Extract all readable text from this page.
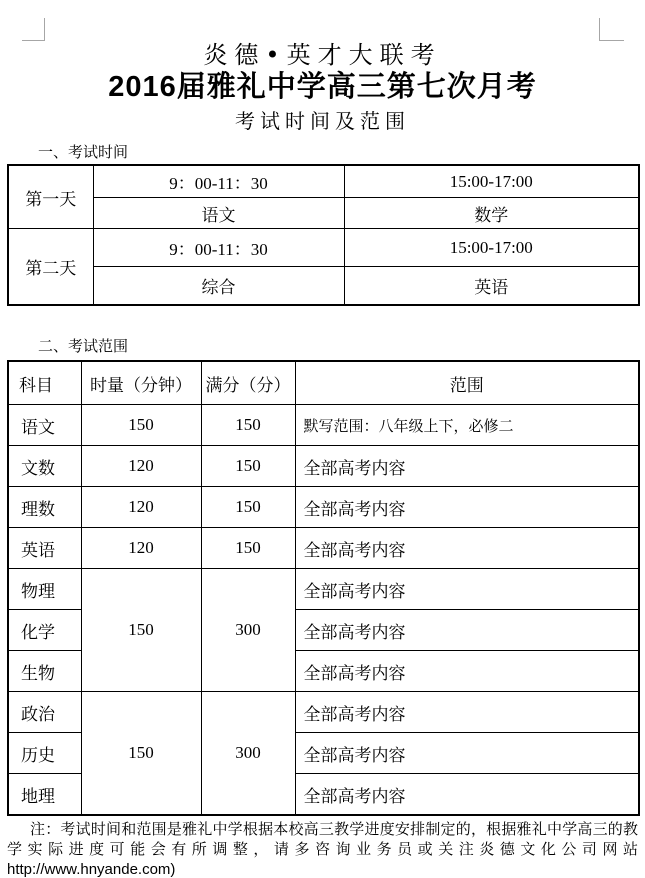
炎德•英才大联考
2016届雅礼中学高三第七次月考
考试时间及范围
一、考试时间
第一天	9：00-11：30	15:00-17:00
	语文	数学
第二天	9：00-11：30	15:00-17:00
	综合	英语
二、考试范围
科目	时量（分钟）	满分（分）	范围
语文	150	150	默写范围：八年级上下，必修二
文数	120	150	全部高考内容
理数	120	150	全部高考内容
英语	120	150	全部高考内容
物理	150	300	全部高考内容
化学			全部高考内容
生物			全部高考内容
政治	150	300	全部高考内容
历史			全部高考内容
地理			全部高考内容
注：考试时间和范围是雅礼中学根据本校高三教学进度安排制定的，根据雅礼中学高三的教
学实际进度可能会有所调整，请多咨询业务员或关注炎德文化公司网站 http://www.hnyande.com)
